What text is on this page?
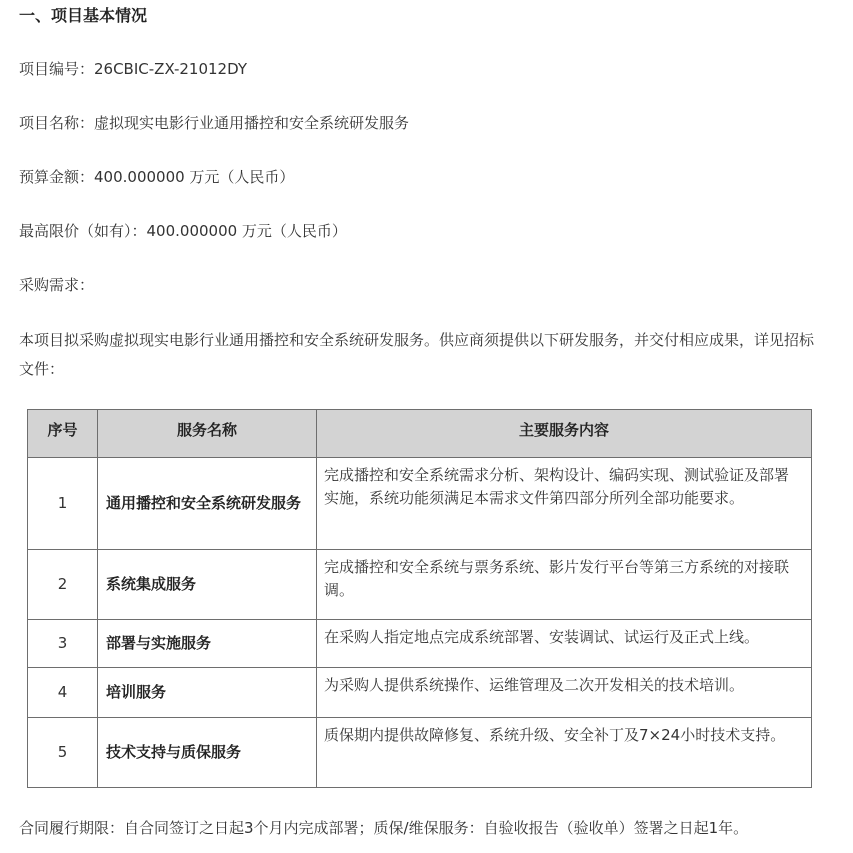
一、项目基本情况
项目编号：26CBIC-ZX-21012DY
项目名称：虚拟现实电影行业通用播控和安全系统研发服务
预算金额：400.000000 万元（人民币）
最高限价（如有）：400.000000 万元（人民币）
采购需求：
本项目拟采购虚拟现实电影行业通用播控和安全系统研发服务。供应商须提供以下研发服务，并交付相应成果，详见招标文件：
序号	服务名称	主要服务内容
1	通用播控和安全系统研发服务	完成播控和安全系统需求分析、架构设计、编码实现、测试验证及部署实施，系统功能须满足本需求文件第四部分所列全部功能要求。
2	系统集成服务	完成播控和安全系统与票务系统、影片发行平台等第三方系统的对接联调。
3	部署与实施服务	在采购人指定地点完成系统部署、安装调试、试运行及正式上线。
4	培训服务	为采购人提供系统操作、运维管理及二次开发相关的技术培训。
5	技术支持与质保服务	质保期内提供故障修复、系统升级、安全补丁及7×24小时技术支持。
合同履行期限：自合同签订之日起3个月内完成部署；质保/维保服务：自验收报告（验收单）签署之日起1年。
